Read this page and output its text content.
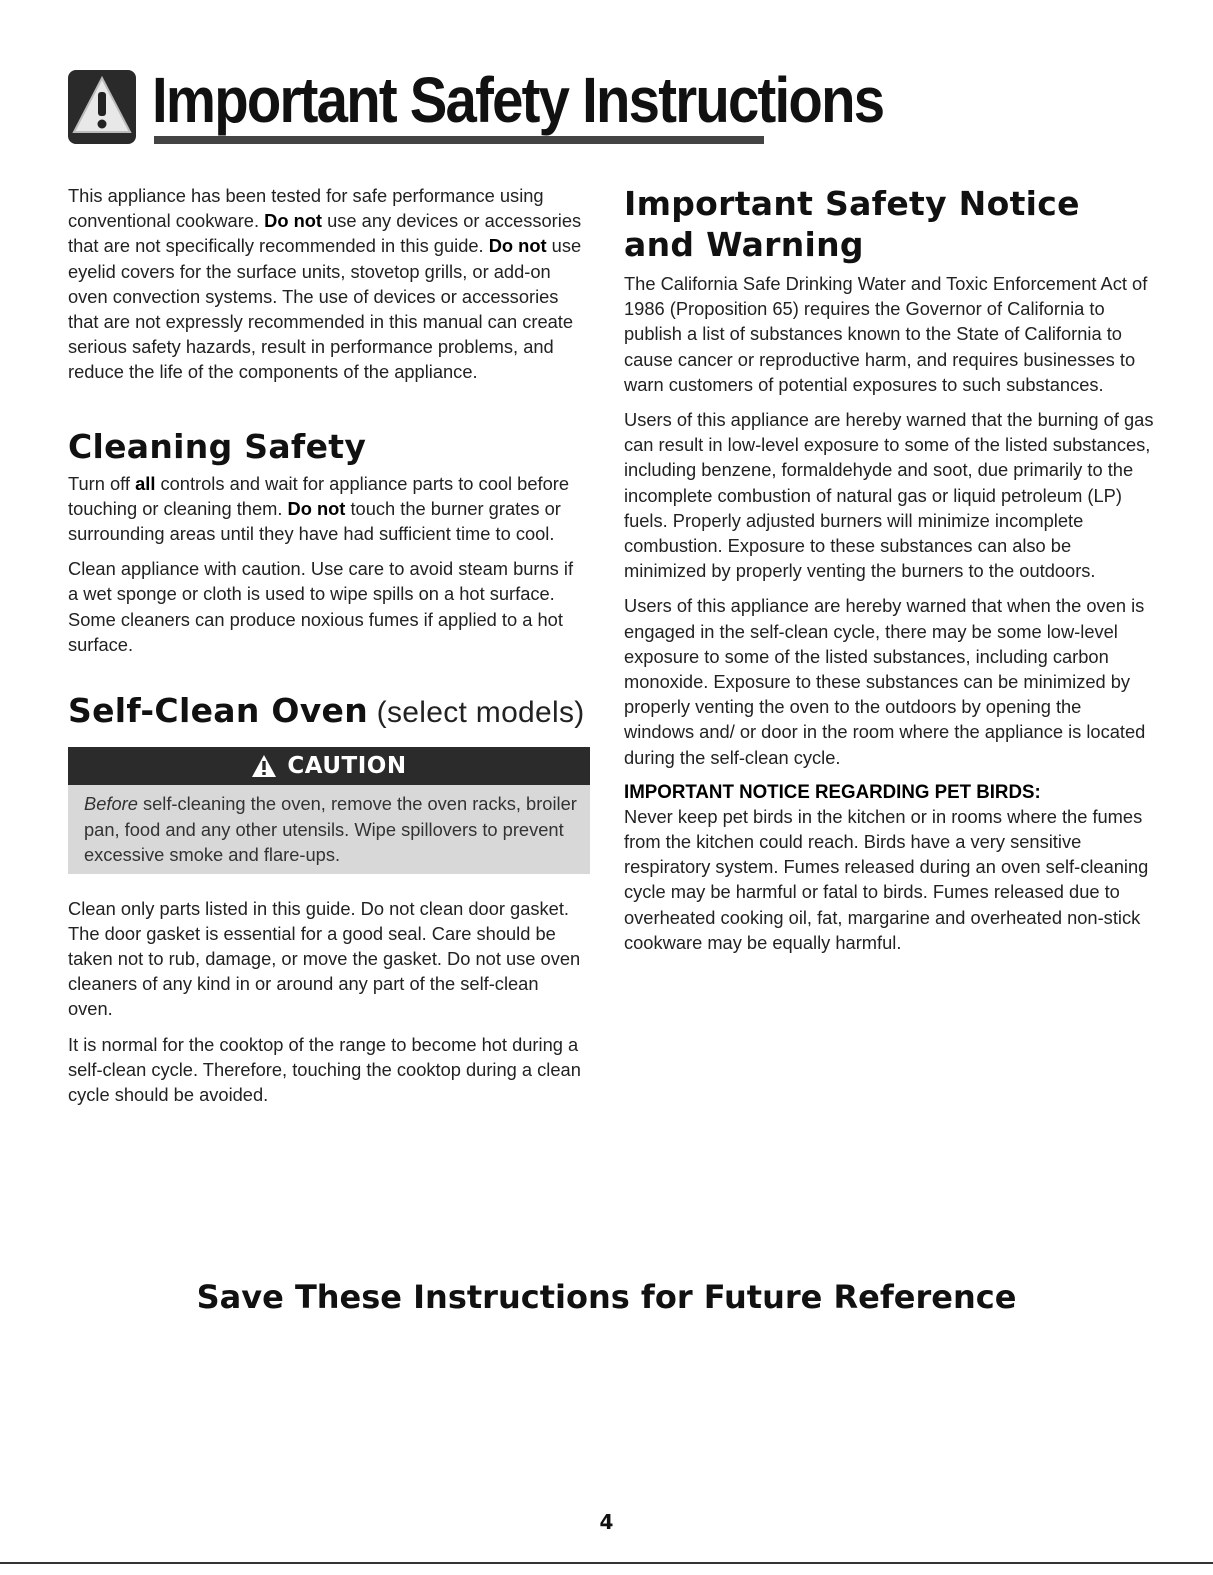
Important Safety Instructions

This appliance has been tested for safe performance using conventional cookware. Do not use any devices or accessories that are not specifically recommended in this guide. Do not use eyelid covers for the surface units, stovetop grills, or add-on oven convection systems. The use of devices or accessories that are not expressly recommended in this manual can create serious safety hazards, result in performance problems, and reduce the life of the components of the appliance.

Cleaning Safety

Turn off all controls and wait for appliance parts to cool before touching or cleaning them. Do not touch the burner grates or surrounding areas until they have had sufficient time to cool.

Clean appliance with caution. Use care to avoid steam burns if a wet sponge or cloth is used to wipe spills on a hot surface. Some cleaners can produce noxious fumes if applied to a hot surface.

Self-Clean Oven (select models)
CAUTION
Before self-cleaning the oven, remove the oven racks, broiler pan, food and any other utensils. Wipe spillovers to prevent excessive smoke and flare-ups.

Clean only parts listed in this guide. Do not clean door gasket. The door gasket is essential for a good seal. Care should be taken not to rub, damage, or move the gasket. Do not use oven cleaners of any kind in or around any part of the self-clean oven.

It is normal for the cooktop of the range to become hot during a self-clean cycle. Therefore, touching the cooktop during a clean cycle should be avoided.

Important Safety Notice and Warning

The California Safe Drinking Water and Toxic Enforcement Act of 1986 (Proposition 65) requires the Governor of California to publish a list of substances known to the State of California to cause cancer or reproductive harm, and requires businesses to warn customers of potential exposures to such substances.

Users of this appliance are hereby warned that the burning of gas can result in low-level exposure to some of the listed substances, including benzene, formaldehyde and soot, due primarily to the incomplete combustion of natural gas or liquid petroleum (LP) fuels. Properly adjusted burners will minimize incomplete combustion. Exposure to these substances can also be minimized by properly venting the burners to the outdoors.

Users of this appliance are hereby warned that when the oven is engaged in the self-clean cycle, there may be some low-level exposure to some of the listed substances, including carbon monoxide. Exposure to these substances can be minimized by properly venting the oven to the outdoors by opening the windows and/ or door in the room where the appliance is located during the self-clean cycle.

IMPORTANT NOTICE REGARDING PET BIRDS:

Never keep pet birds in the kitchen or in rooms where the fumes from the kitchen could reach. Birds have a very sensitive respiratory system. Fumes released during an oven self-cleaning cycle may be harmful or fatal to birds. Fumes released due to overheated cooking oil, fat, margarine and overheated non-stick cookware may be equally harmful.

Save These Instructions for Future Reference
4
